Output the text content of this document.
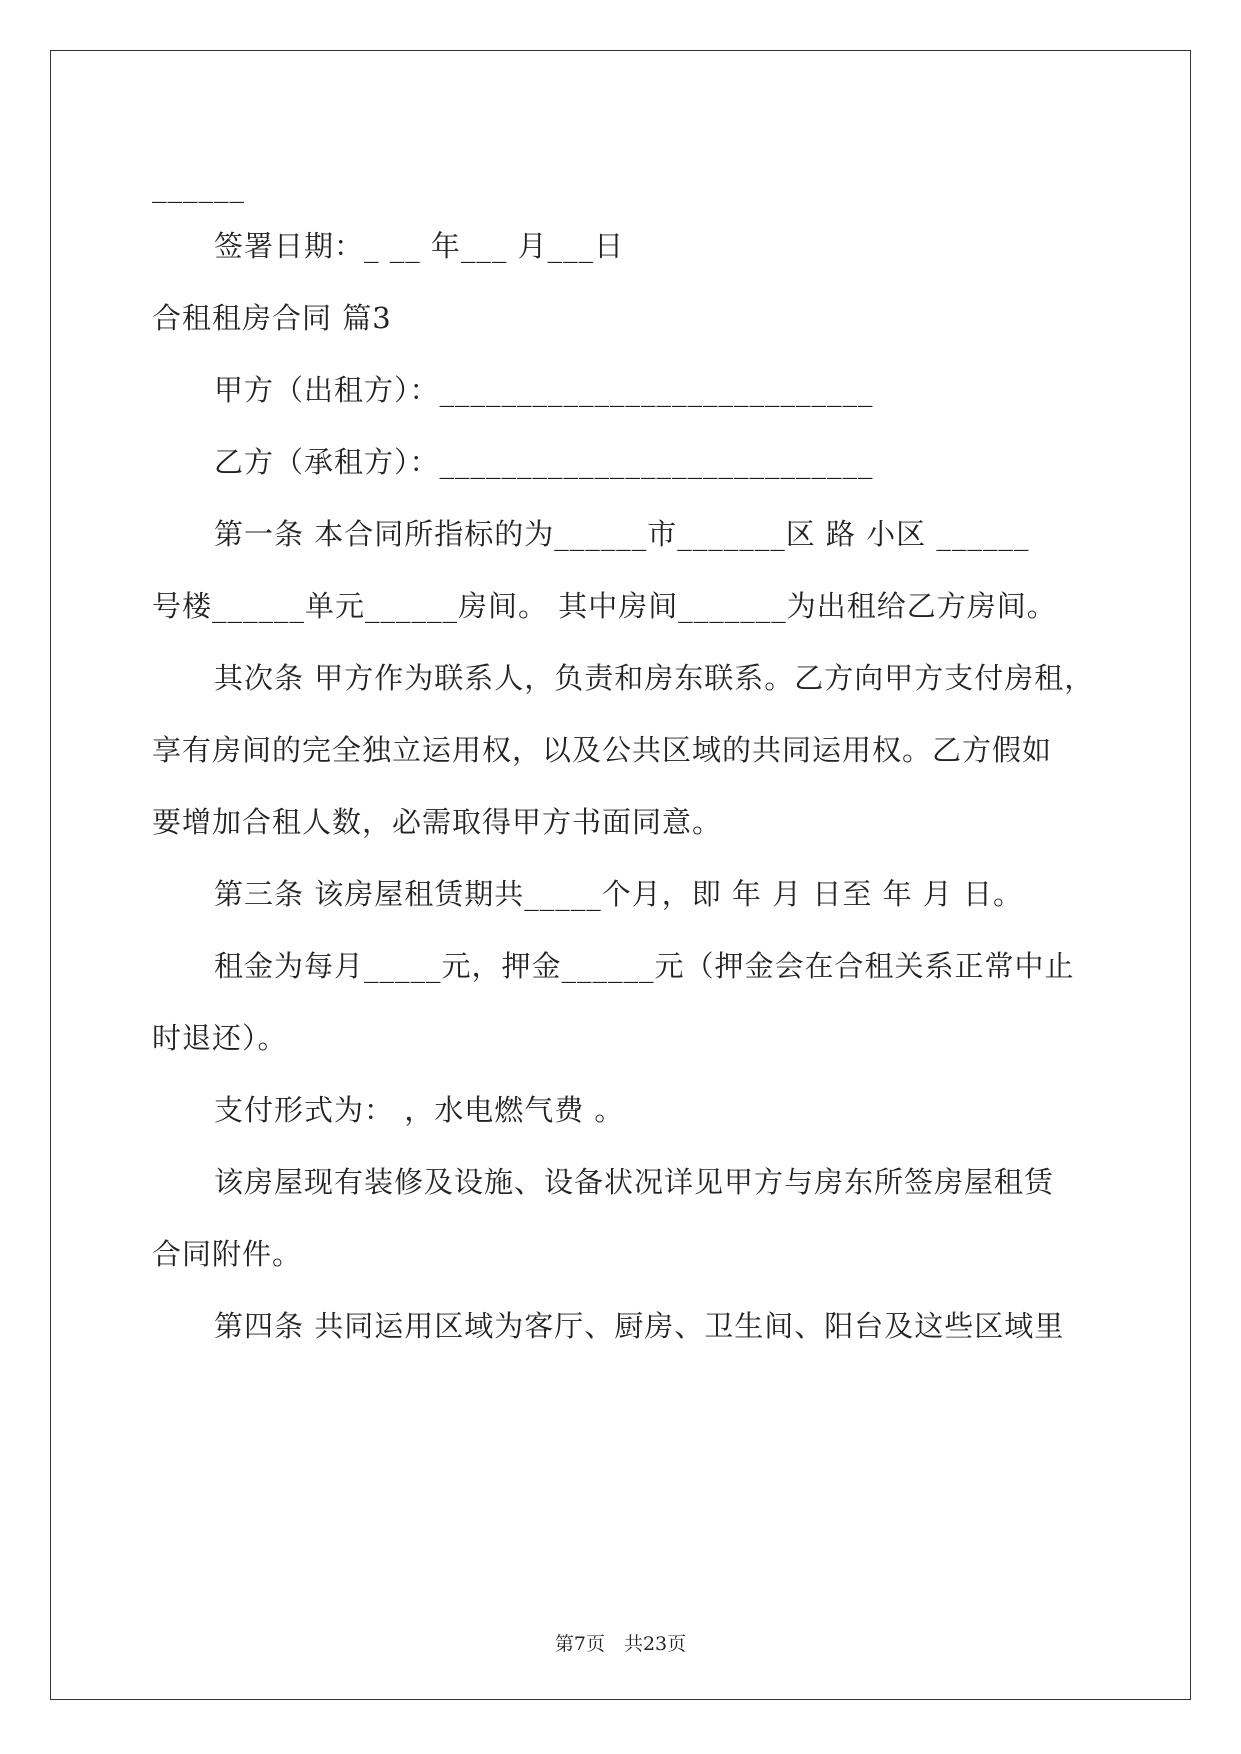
______
签署日期：_ __ 年___ 月___日
合租租房合同 篇3
甲方（出租方）：____________________________
乙方（承租方）：____________________________
第一条 本合同所指标的为______市_______区 路 小区 ______
号楼______单元______房间。 其中房间_______为出租给乙方房间。
其次条 甲方作为联系人，负责和房东联系。乙方向甲方支付房租，
享有房间的完全独立运用权，以及公共区域的共同运用权。乙方假如
要增加合租人数，必需取得甲方书面同意。
第三条 该房屋租赁期共_____个月，即 年 月 日至 年 月 日。
租金为每月_____元，押金______元（押金会在合租关系正常中止
时退还）。
支付形式为： ，水电燃气费 。
该房屋现有装修及设施、设备状况详见甲方与房东所签房屋租赁
合同附件。
第四条 共同运用区域为客厅、厨房、卫生间、阳台及这些区域里
第7页　共23页
